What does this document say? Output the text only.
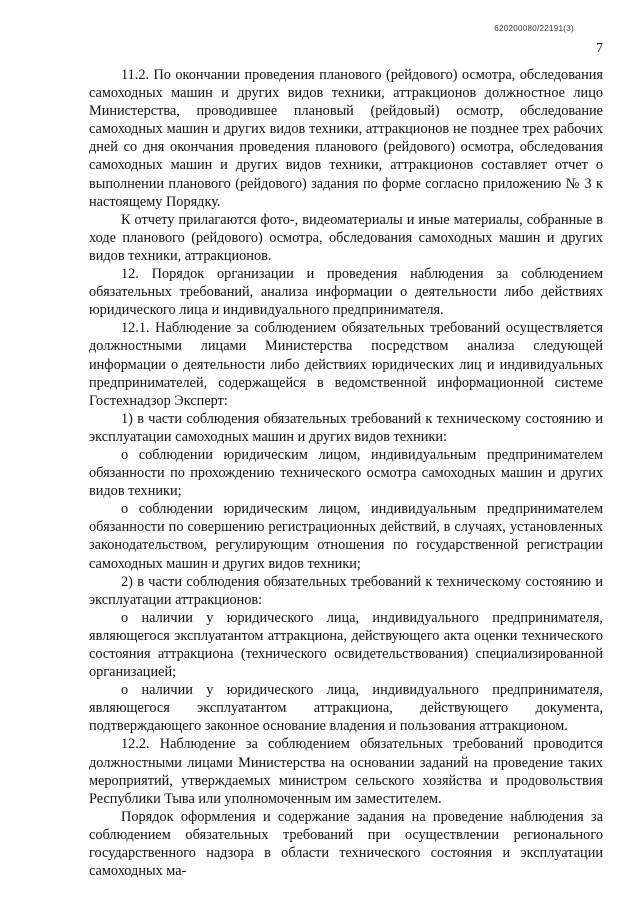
620200080/22191(3)
7

11.2. По окончании проведения планового (рейдового) осмотра, обследования самоходных машин и других видов техники, аттракционов должностное лицо Министерства, проводившее плановый (рейдовый) осмотр, обследование самоходных машин и других видов техники, аттракционов не позднее трех рабочих дней со дня окончания проведения планового (рейдового) осмотра, обследования самоходных машин и других видов техники, аттракционов составляет отчет о выполнении планового (рейдового) задания по форме согласно приложению № 3 к настоящему Порядку.

К отчету прилагаются фото-, видеоматериалы и иные материалы, собранные в ходе планового (рейдового) осмотра, обследования самоходных машин и других видов техники, аттракционов.

12. Порядок организации и проведения наблюдения за соблюдением обязательных требований, анализа информации о деятельности либо действиях юридического лица и индивидуального предпринимателя.

12.1. Наблюдение за соблюдением обязательных требований осуществляется должностными лицами Министерства посредством анализа следующей информации о деятельности либо действиях юридических лиц и индивидуальных предпринимателей, содержащейся в ведомственной информационной системе Гостехнадзор Эксперт:

1) в части соблюдения обязательных требований к техническому состоянию и эксплуатации самоходных машин и других видов техники:

о соблюдении юридическим лицом, индивидуальным предпринимателем обязанности по прохождению технического осмотра самоходных машин и других видов техники;

о соблюдении юридическим лицом, индивидуальным предпринимателем обязанности по совершению регистрационных действий, в случаях, установленных законодательством, регулирующим отношения по государственной регистрации самоходных машин и других видов техники;

2) в части соблюдения обязательных требований к техническому состоянию и эксплуатации аттракционов:

о наличии у юридического лица, индивидуального предпринимателя, являющегося эксплуатантом аттракциона, действующего акта оценки технического состояния аттракциона (технического освидетельствования) специализированной организацией;

о наличии у юридического лица, индивидуального предпринимателя, являющегося эксплуатантом аттракциона, действующего документа, подтверждающего законное основание владения и пользования аттракционом.

12.2. Наблюдение за соблюдением обязательных требований проводится должностными лицами Министерства на основании заданий на проведение таких мероприятий, утверждаемых министром сельского хозяйства и продовольствия Республики Тыва или уполномоченным им заместителем.

Порядок оформления и содержание задания на проведение наблюдения за соблюдением обязательных требований при осуществлении регионального государственного надзора в области технического состояния и эксплуатации самоходных ма-
